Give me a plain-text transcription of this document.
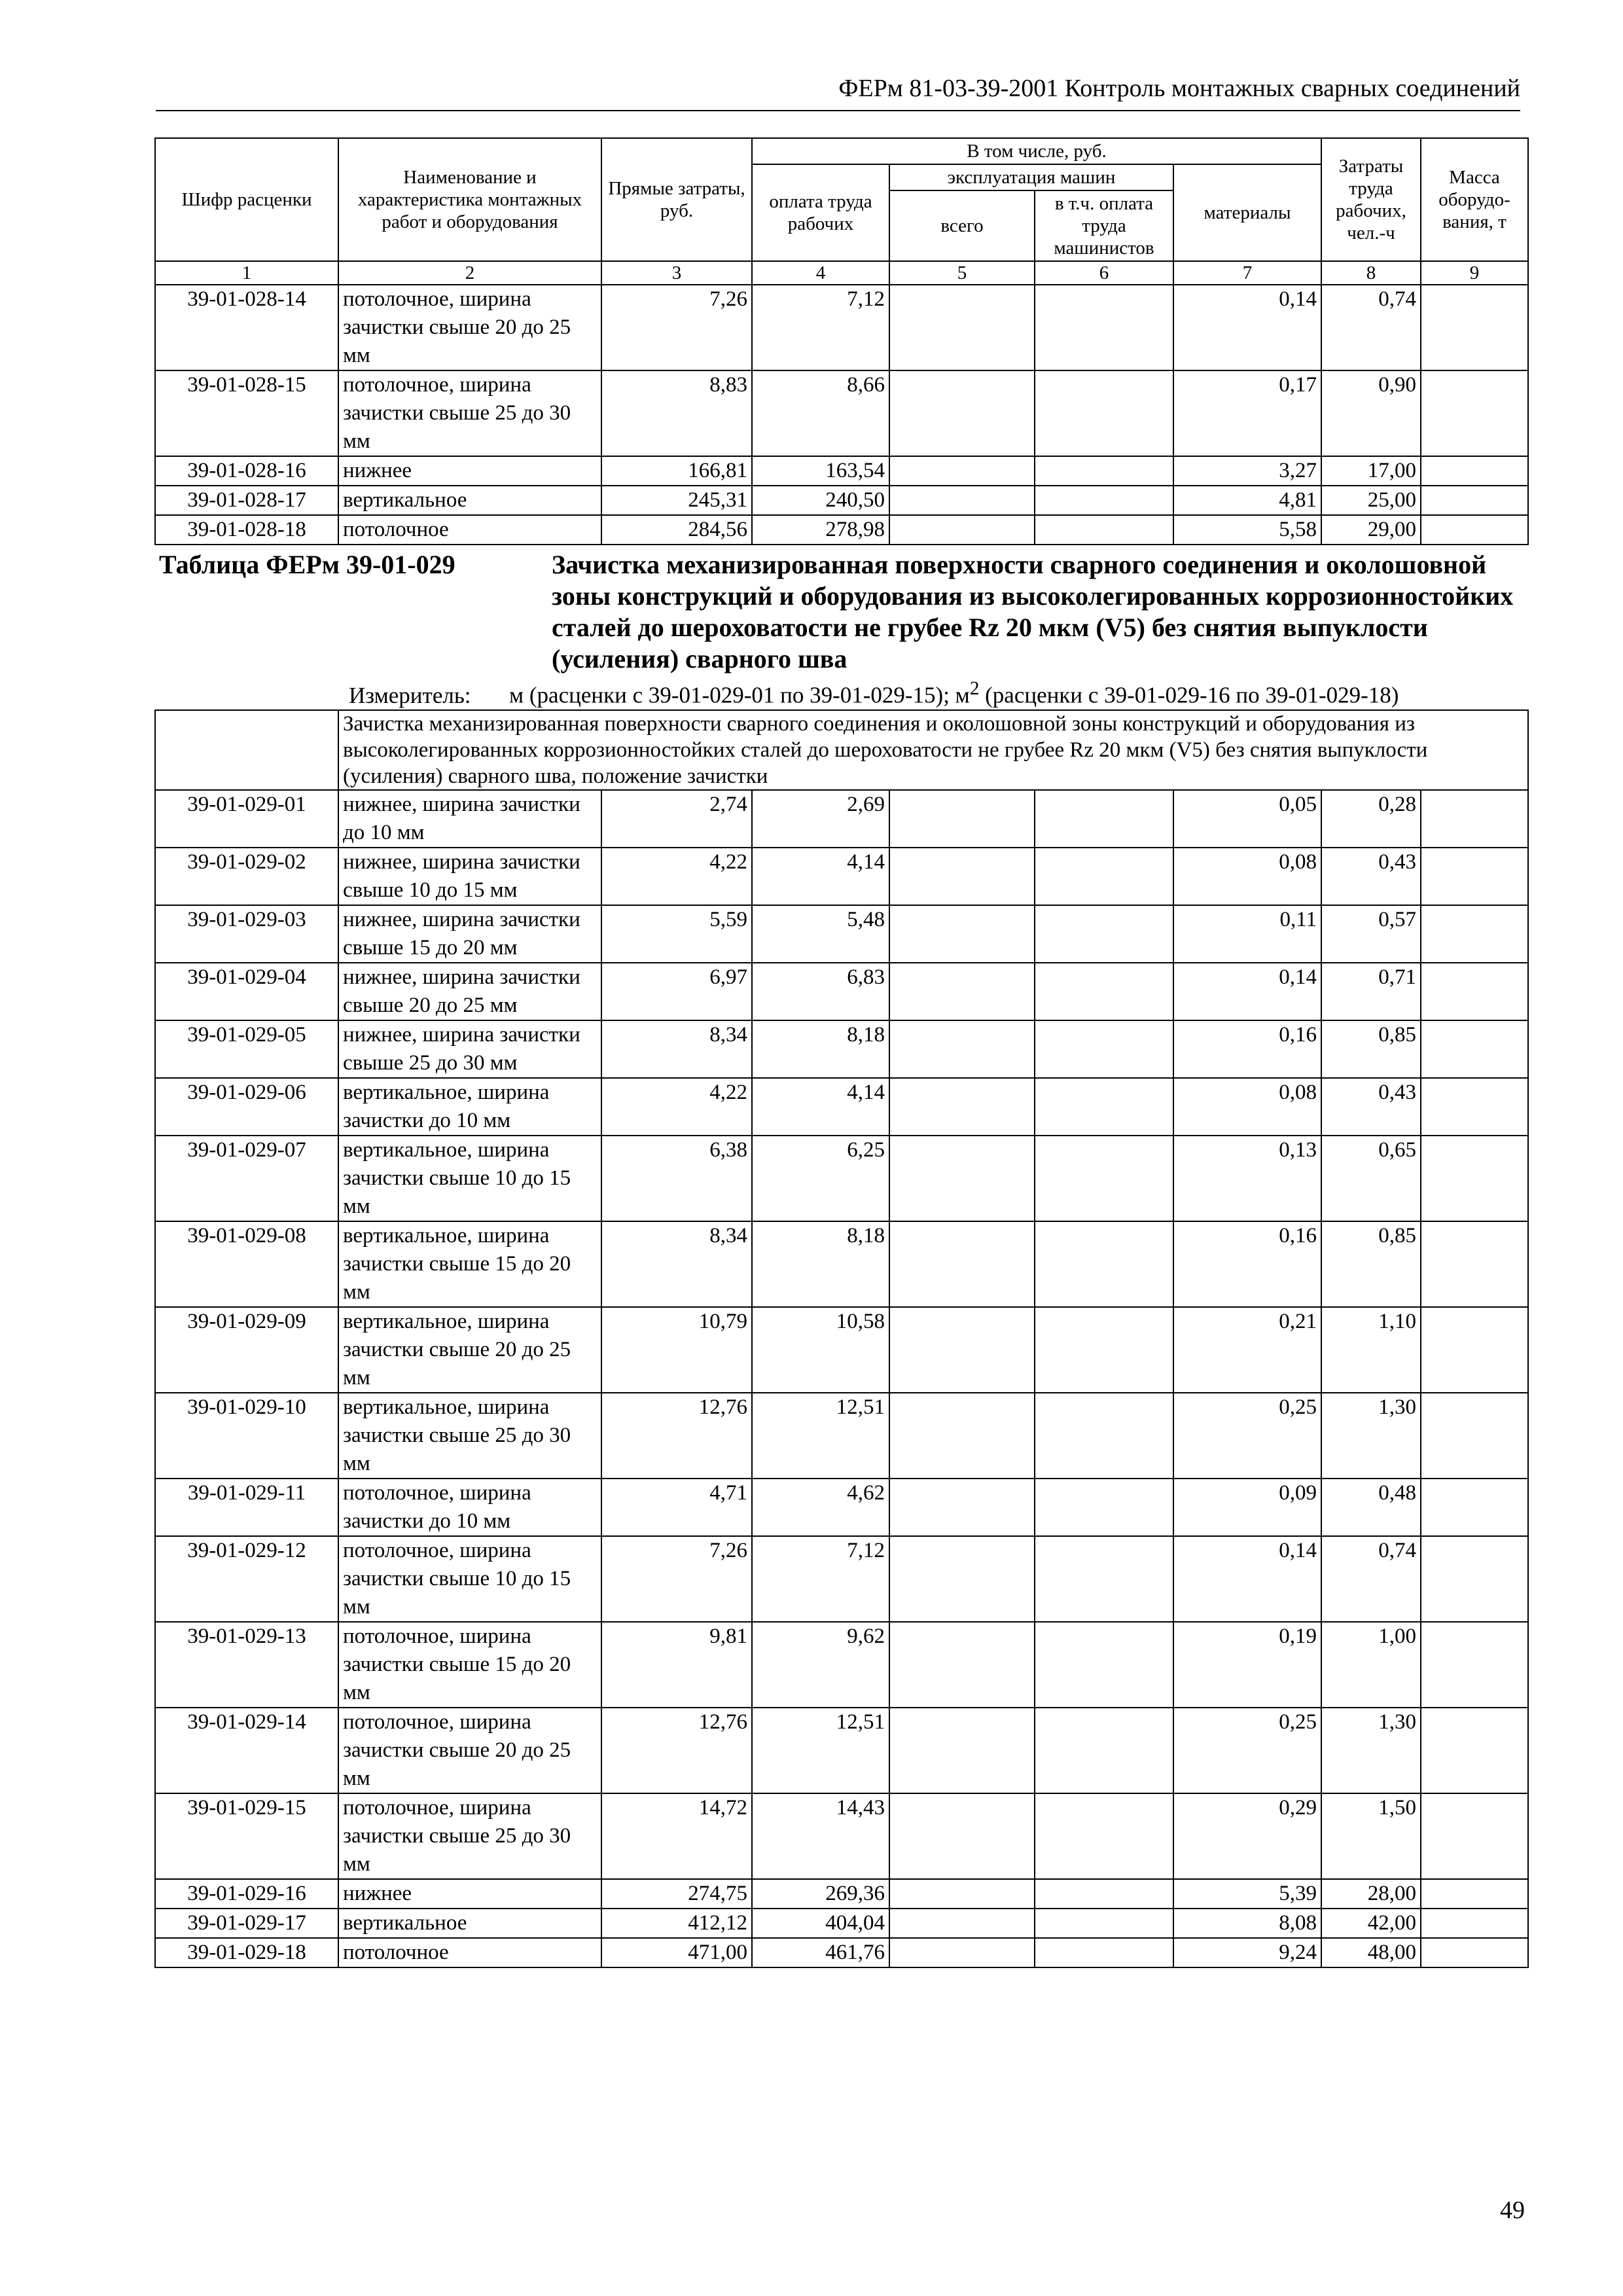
ФЕРм 81-03-39-2001 Контроль монтажных сварных соединений
Шифр расценки	Наименование и характеристика монтажных работ и оборудования	Прямые затраты, руб.	В том числе, руб.				Затраты труда рабочих, чел.-ч	Масса оборудо-вания, т
			оплата труда рабочих	эксплуатация машин		материалы		
				всего	в т.ч. оплата труда машинистов			
1	2	3	4	5	6	7	8	9
39-01-028-14	потолочное, ширина зачистки свыше 20 до 25 мм	7,26	7,12			0,14	0,74	
39-01-028-15	потолочное, ширина зачистки свыше 25 до 30 мм	8,83	8,66			0,17	0,90	
39-01-028-16	нижнее	166,81	163,54			3,27	17,00	
39-01-028-17	вертикальное	245,31	240,50			4,81	25,00	
39-01-028-18	потолочное	284,56	278,98			5,58	29,00	
Таблица ФЕРм 39-01-029 Зачистка механизированная поверхности сварного соединения и околошовной зоны конструкций и оборудования из высоколегированных коррозионностойких сталей до шероховатости не грубее Rz 20 мкм (V5) без снятия выпуклости (усиления) сварного шва
Измеритель: м (расценки с 39-01-029-01 по 39-01-029-15); $м^2$ (расценки с 39-01-029-16 по 39-01-029-18)								

	Зачистка механизированная поверхности сварного соединения и околошовной зоны конструкций и оборудования из высоколегированных коррозионностойких сталей до шероховатости не грубее Rz 20 мкм (V5) без снятия выпуклости (усиления) сварного шва, положение зачистки							
39-01-029-01	нижнее, ширина зачистки до 10 мм	2,74	2,69			0,05	0,28	
39-01-029-02	нижнее, ширина зачистки свыше 10 до 15 мм	4,22	4,14			0,08	0,43	
39-01-029-03	нижнее, ширина зачистки свыше 15 до 20 мм	5,59	5,48			0,11	0,57	
39-01-029-04	нижнее, ширина зачистки свыше 20 до 25 мм	6,97	6,83			0,14	0,71	
39-01-029-05	нижнее, ширина зачистки свыше 25 до 30 мм	8,34	8,18			0,16	0,85	
39-01-029-06	вертикальное, ширина зачистки до 10 мм	4,22	4,14			0,08	0,43	
39-01-029-07	вертикальное, ширина зачистки свыше 10 до 15 мм	6,38	6,25			0,13	0,65	
39-01-029-08	вертикальное, ширина зачистки свыше 15 до 20 мм	8,34	8,18			0,16	0,85	
39-01-029-09	вертикальное, ширина зачистки свыше 20 до 25 мм	10,79	10,58			0,21	1,10	
39-01-029-10	вертикальное, ширина зачистки свыше 25 до 30 мм	12,76	12,51			0,25	1,30	
39-01-029-11	потолочное, ширина зачистки до 10 мм	4,71	4,62			0,09	0,48	
39-01-029-12	потолочное, ширина зачистки свыше 10 до 15 мм	7,26	7,12			0,14	0,74	
39-01-029-13	потолочное, ширина зачистки свыше 15 до 20 мм	9,81	9,62			0,19	1,00	
39-01-029-14	потолочное, ширина зачистки свыше 20 до 25 мм	12,76	12,51			0,25	1,30	
39-01-029-15	потолочное, ширина зачистки свыше 25 до 30 мм	14,72	14,43			0,29	1,50	
39-01-029-16	нижнее	274,75	269,36			5,39	28,00	
39-01-029-17	вертикальное	412,12	404,04			8,08	42,00	
39-01-029-18	потолочное	471,00	461,76			9,24	48,00	
49
